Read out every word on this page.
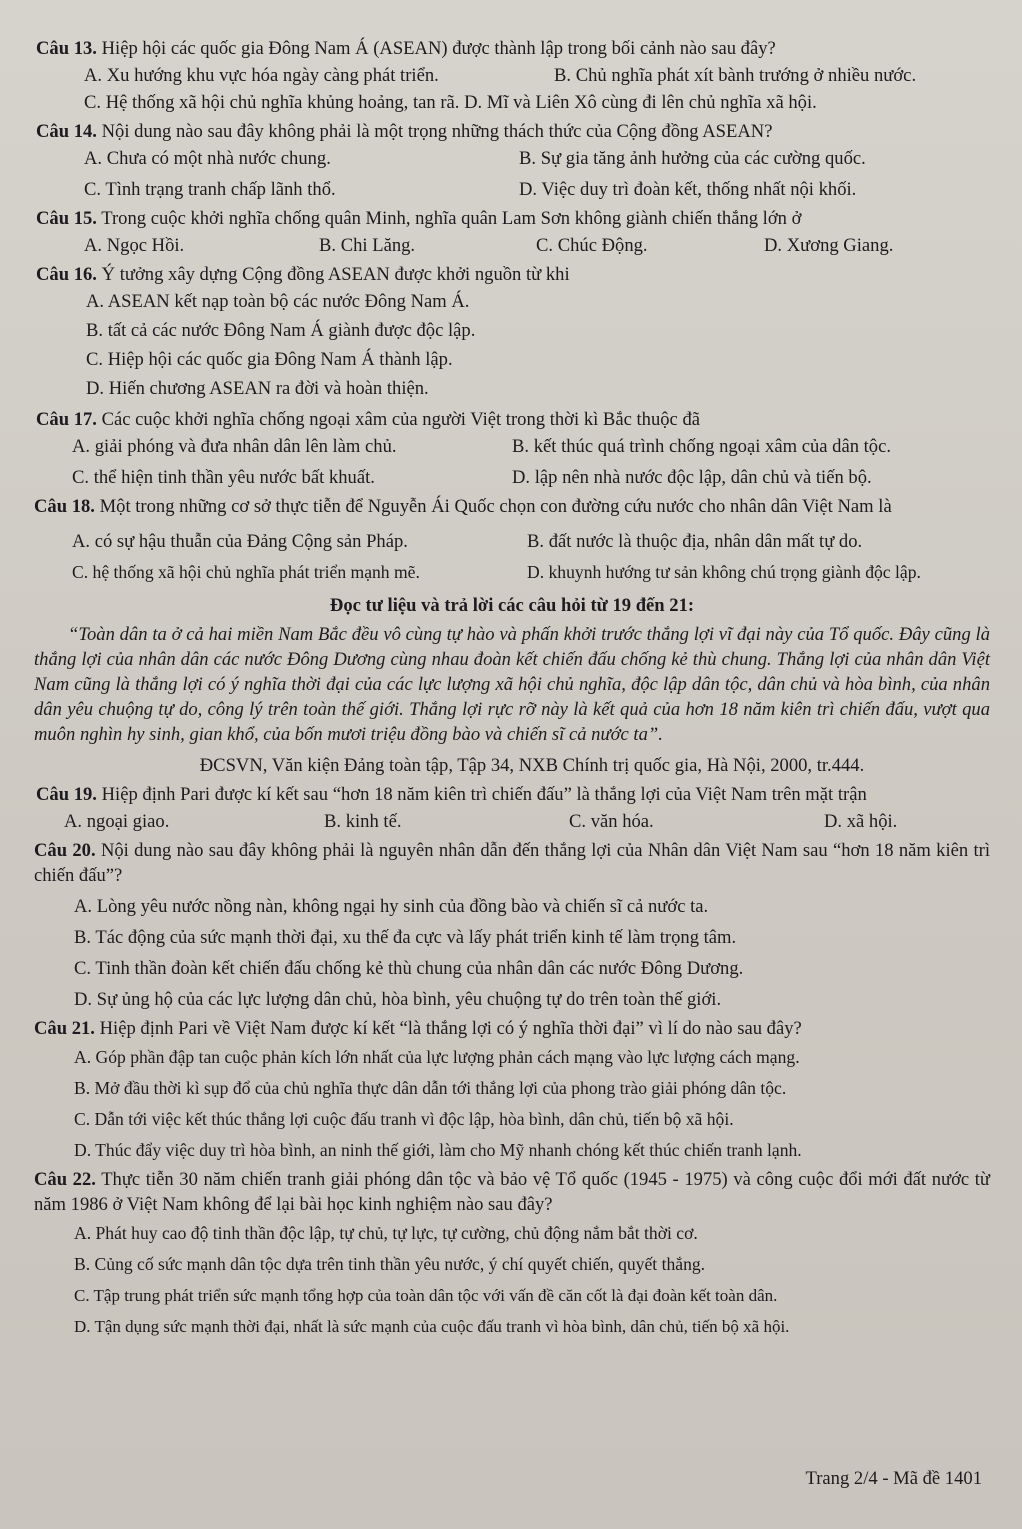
Câu 13. Hiệp hội các quốc gia Đông Nam Á (ASEAN) được thành lập trong bối cảnh nào sau đây?
A. Xu hướng khu vực hóa ngày càng phát triển.	B. Chủ nghĩa phát xít bành trướng ở nhiều nước.
C. Hệ thống xã hội chủ nghĩa khủng hoảng, tan rã. D. Mĩ và Liên Xô cùng đi lên chủ nghĩa xã hội.
Câu 14. Nội dung nào sau đây không phải là một trọng những thách thức của Cộng đồng ASEAN?
A. Chưa có một nhà nước chung.	B. Sự gia tăng ảnh hưởng của các cường quốc.
C. Tình trạng tranh chấp lãnh thổ.	D. Việc duy trì đoàn kết, thống nhất nội khối.
Câu 15. Trong cuộc khởi nghĩa chống quân Minh, nghĩa quân Lam Sơn không giành chiến thắng lớn ở
A. Ngọc Hồi.	B. Chi Lăng.	C. Chúc Động.	D. Xương Giang.
Câu 16. Ý tưởng xây dựng Cộng đồng ASEAN được khởi nguồn từ khi
A. ASEAN kết nạp toàn bộ các nước Đông Nam Á.
B. tất cả các nước Đông Nam Á giành được độc lập.
C. Hiệp hội các quốc gia Đông Nam Á thành lập.
D. Hiến chương ASEAN ra đời và hoàn thiện.
Câu 17. Các cuộc khởi nghĩa chống ngoại xâm của người Việt trong thời kì Bắc thuộc đã
A. giải phóng và đưa nhân dân lên làm chủ.	B. kết thúc quá trình chống ngoại xâm của dân tộc.
C. thể hiện tinh thần yêu nước bất khuất.	D. lập nên nhà nước độc lập, dân chủ và tiến bộ.
Câu 18. Một trong những cơ sở thực tiễn để Nguyễn Ái Quốc chọn con đường cứu nước cho nhân dân Việt Nam là
A. có sự hậu thuẫn của Đảng Cộng sản Pháp.	B. đất nước là thuộc địa, nhân dân mất tự do.
C. hệ thống xã hội chủ nghĩa phát triển mạnh mẽ.	D. khuynh hướng tư sản không chú trọng giành độc lập.
Đọc tư liệu và trả lời các câu hỏi từ 19 đến 21:

“Toàn dân ta ở cả hai miền Nam Bắc đều vô cùng tự hào và phấn khởi trước thắng lợi vĩ đại này của Tổ quốc. Đây cũng là thắng lợi của nhân dân các nước Đông Dương cùng nhau đoàn kết chiến đấu chống kẻ thù chung. Thắng lợi của nhân dân Việt Nam cũng là thắng lợi có ý nghĩa thời đại của các lực lượng xã hội chủ nghĩa, độc lập dân tộc, dân chủ và hòa bình, của nhân dân yêu chuộng tự do, công lý trên toàn thế giới. Thắng lợi rực rỡ này là kết quả của hơn 18 năm kiên trì chiến đấu, vượt qua muôn nghìn hy sinh, gian khổ, của bốn mươi triệu đồng bào và chiến sĩ cả nước ta”.

ĐCSVN, Văn kiện Đảng toàn tập, Tập 34, NXB Chính trị quốc gia, Hà Nội, 2000, tr.444.
Câu 19. Hiệp định Pari được kí kết sau “hơn 18 năm kiên trì chiến đấu” là thắng lợi của Việt Nam trên mặt trận
A. ngoại giao.	B. kinh tế.	C. văn hóa.	D. xã hội.
Câu 20. Nội dung nào sau đây không phải là nguyên nhân dẫn đến thắng lợi của Nhân dân Việt Nam sau “hơn 18 năm kiên trì chiến đấu”?
A. Lòng yêu nước nồng nàn, không ngại hy sinh của đồng bào và chiến sĩ cả nước ta.
B. Tác động của sức mạnh thời đại, xu thế đa cực và lấy phát triển kinh tế làm trọng tâm.
C. Tinh thần đoàn kết chiến đấu chống kẻ thù chung của nhân dân các nước Đông Dương.
D. Sự ủng hộ của các lực lượng dân chủ, hòa bình, yêu chuộng tự do trên toàn thế giới.
Câu 21. Hiệp định Pari về Việt Nam được kí kết “là thắng lợi có ý nghĩa thời đại” vì lí do nào sau đây?
A. Góp phần đập tan cuộc phản kích lớn nhất của lực lượng phản cách mạng vào lực lượng cách mạng.
B. Mở đầu thời kì sụp đổ của chủ nghĩa thực dân dẫn tới thắng lợi của phong trào giải phóng dân tộc.
C. Dẫn tới việc kết thúc thắng lợi cuộc đấu tranh vì độc lập, hòa bình, dân chủ, tiến bộ xã hội.
D. Thúc đẩy việc duy trì hòa bình, an ninh thế giới, làm cho Mỹ nhanh chóng kết thúc chiến tranh lạnh.
Câu 22. Thực tiễn 30 năm chiến tranh giải phóng dân tộc và bảo vệ Tổ quốc (1945 - 1975) và công cuộc đổi mới đất nước từ năm 1986 ở Việt Nam không để lại bài học kinh nghiệm nào sau đây?
A. Phát huy cao độ tinh thần độc lập, tự chủ, tự lực, tự cường, chủ động nắm bắt thời cơ.
B. Củng cố sức mạnh dân tộc dựa trên tinh thần yêu nước, ý chí quyết chiến, quyết thắng.
C. Tập trung phát triển sức mạnh tổng hợp của toàn dân tộc với vấn đề căn cốt là đại đoàn kết toàn dân.
D. Tận dụng sức mạnh thời đại, nhất là sức mạnh của cuộc đấu tranh vì hòa bình, dân chủ, tiến bộ xã hội.
Trang 2/4 - Mã đề 1401
